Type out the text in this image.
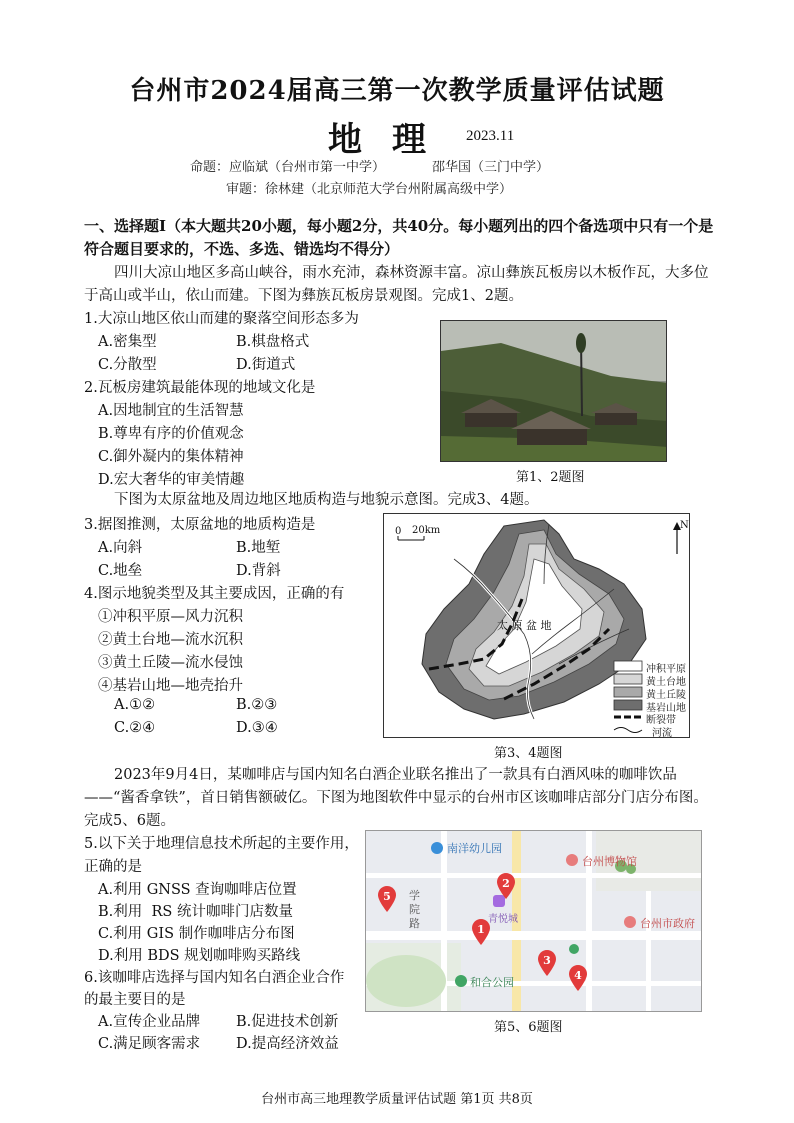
台州市2024届高三第一次教学质量评估试题
地理 2023.11
命题：应临斌（台州市第一中学）      邵华国（三门中学）
审题：徐林建（北京师范大学台州附属高级中学）
一、选择题Ⅰ（本大题共20小题，每小题2分，共40分。每小题列出的四个备选项中只有一个是符合题目要求的，不选、多选、错选均不得分）
四川大凉山地区多高山峡谷，雨水充沛，森林资源丰富。凉山彝族瓦板房以木板作瓦，大多位于高山或半山，依山而建。下图为彝族瓦板房景观图。完成1、2题。
1.大凉山地区依山而建的聚落空间形态多为
A.密集型	B.棋盘格式
C.分散型	D.街道式
2.瓦板房建筑最能体现的地域文化是
A.因地制宜的生活智慧
B.尊卑有序的价值观念
C.御外凝内的集体精神
D.宏大奢华的审美情趣	第1、2题图
下图为太原盆地及周边地区地质构造与地貌示意图。完成3、4题。
3.据图推测，太原盆地的地质构造是
A.向斜	B.地堑
C.地垒	D.背斜
4.图示地貌类型及其主要成因，正确的有
①冲积平原—风力沉积
②黄土台地—流水沉积
③黄土丘陵—流水侵蚀
④基岩山地—地壳抬升
A.①②	B.②③
C.②④	D.③④
0 20km	N
太 原 盆 地
冲积平原
黄土台地
黄土丘陵
基岩山地
断裂带
河流
第3、4题图
2023年9月4日，某咖啡店与国内知名白酒企业联名推出了一款具有白酒风味的咖啡饮品——“酱香拿铁”，首日销售额破亿。下图为地图软件中显示的台州市区该咖啡店部分门店分布图。完成5、6题。
5.以下关于地理信息技术所起的主要作用，
正确的是
A.利用 GNSS 查询咖啡店位置
B.利用  RS 统计咖啡门店数量
C.利用 GIS 制作咖啡店分布图
D.利用 BDS 规划咖啡购买路线
6.该咖啡店选择与国内知名白酒企业合作
的最主要目的是
A.宣传企业品牌 B.促进技术创新
C.满足顾客需求 D.提高经济效益
1
2
3
4
5
南洋幼儿园
台州博物馆
台州市政府
青悦城
和合公园
学
院
路
第5、6题图
台州市高三地理教学质量评估试题 第1页 共8页
